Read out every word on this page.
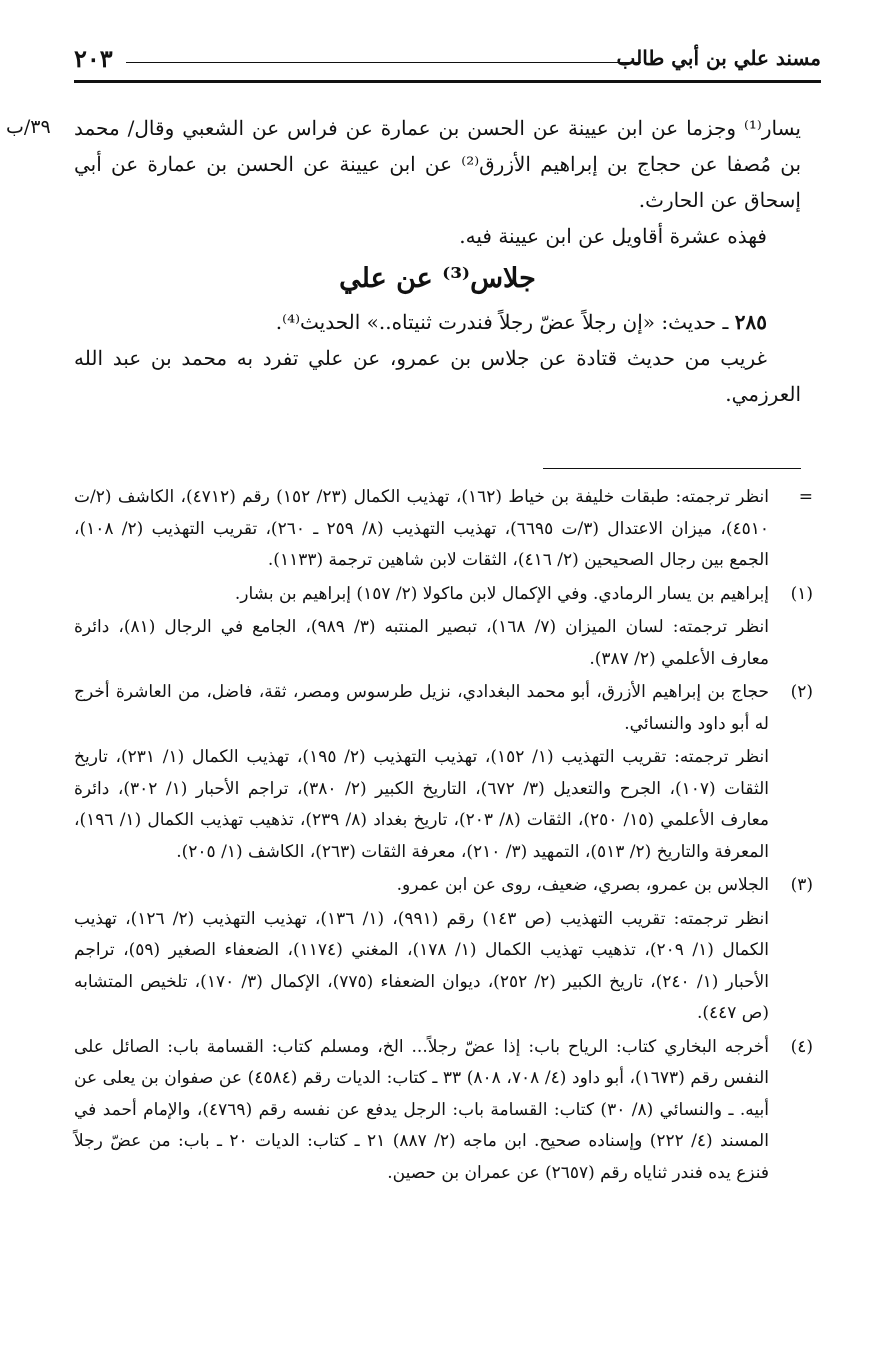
مسند علي بن أبي طالب
٢٠٣
٣٩/ب يسار⁽¹⁾ وجزما عن ابن عيينة عن الحسن بن عمارة عن فراس عن الشعبي وقال/ محمد بن مُصفا عن حجاج بن إبراهيم الأزرق⁽²⁾ عن ابن عيينة عن الحسن بن عمارة عن أبي إسحاق عن الحارث.

فهذه عشرة أقاويل عن ابن عيينة فيه.

جلاس⁽³⁾ عن علي

٢٨٥ ـ حديث: «إن رجلاً عضّ رجلاً فندرت ثنيتاه..» الحديث⁽⁴⁾.

غريب من حديث قتادة عن جلاس بن عمرو، عن علي تفرد به محمد بن عبد الله العرزمي.

=

انظر ترجمته: طبقات خليفة بن خياط (١٦٢)، تهذيب الكمال (٢٣/ ١٥٢) رقم (٤٧١٢)، الكاشف (٢/ت ٤٥١٠)، ميزان الاعتدال (٣/ت ٦٦٩٥)، تهذيب التهذيب (٨/ ٢٥٩ ـ ٢٦٠)، تقريب التهذيب (٢/ ١٠٨)، الجمع بين رجال الصحيحين (٢/ ٤١٦)، الثقات لابن شاهين ترجمة (١١٣٣).

(١)

إبراهيم بن يسار الرمادي. وفي الإكمال لابن ماكولا (٢/ ١٥٧) إبراهيم بن بشار.

انظر ترجمته: لسان الميزان (٧/ ١٦٨)، تبصير المنتبه (٣/ ٩٨٩)، الجامع في الرجال (٨١)، دائرة معارف الأعلمي (٢/ ٣٨٧).

(٢)

حجاج بن إبراهيم الأزرق، أبو محمد البغدادي، نزيل طرسوس ومصر، ثقة، فاضل، من العاشرة أخرج له أبو داود والنسائي.

انظر ترجمته: تقريب التهذيب (١/ ١٥٢)، تهذيب التهذيب (٢/ ١٩٥)، تهذيب الكمال (١/ ٢٣١)، تاريخ الثقات (١٠٧)، الجرح والتعديل (٣/ ٦٧٢)، التاريخ الكبير (٢/ ٣٨٠)، تراجم الأحبار (١/ ٣٠٢)، دائرة معارف الأعلمي (١٥/ ٢٥٠)، الثقات (٨/ ٢٠٣)، تاريخ بغداد (٨/ ٢٣٩)، تذهيب تهذيب الكمال (١/ ١٩٦)، المعرفة والتاريخ (٢/ ٥١٣)، التمهيد (٣/ ٢١٠)، معرفة الثقات (٢٦٣)، الكاشف (١/ ٢٠٥).

(٣)

الجلاس بن عمرو، بصري، ضعيف، روى عن ابن عمرو.

انظر ترجمته: تقريب التهذيب (ص ١٤٣) رقم (٩٩١)، (١/ ١٣٦)، تهذيب التهذيب (٢/ ١٢٦)، تهذيب الكمال (١/ ٢٠٩)، تذهيب تهذيب الكمال (١/ ١٧٨)، المغني (١١٧٤)، الضعفاء الصغير (٥٩)، تراجم الأحبار (١/ ٢٤٠)، تاريخ الكبير (٢/ ٢٥٢)، ديوان الضعفاء (٧٧٥)، الإكمال (٣/ ١٧٠)، تلخيص المتشابه (ص ٤٤٧).

(٤)

أخرجه البخاري كتاب: الرياح باب: إذا عضّ رجلاً... الخ، ومسلم كتاب: القسامة باب: الصائل على النفس رقم (١٦٧٣)، أبو داود (٤/ ٧٠٨، ٨٠٨) ٣٣ ـ كتاب: الديات رقم (٤٥٨٤) عن صفوان بن يعلى عن أبيه. ـ والنسائي (٨/ ٣٠) كتاب: القسامة باب: الرجل يدفع عن نفسه رقم (٤٧٦٩)، والإمام أحمد في المسند (٤/ ٢٢٢) وإسناده صحيح. ابن ماجه (٢/ ٨٨٧) ٢١ ـ كتاب: الديات ٢٠ ـ باب: من عضّ رجلاً فنزع يده فندر ثناياه رقم (٢٦٥٧) عن عمران بن حصين.
